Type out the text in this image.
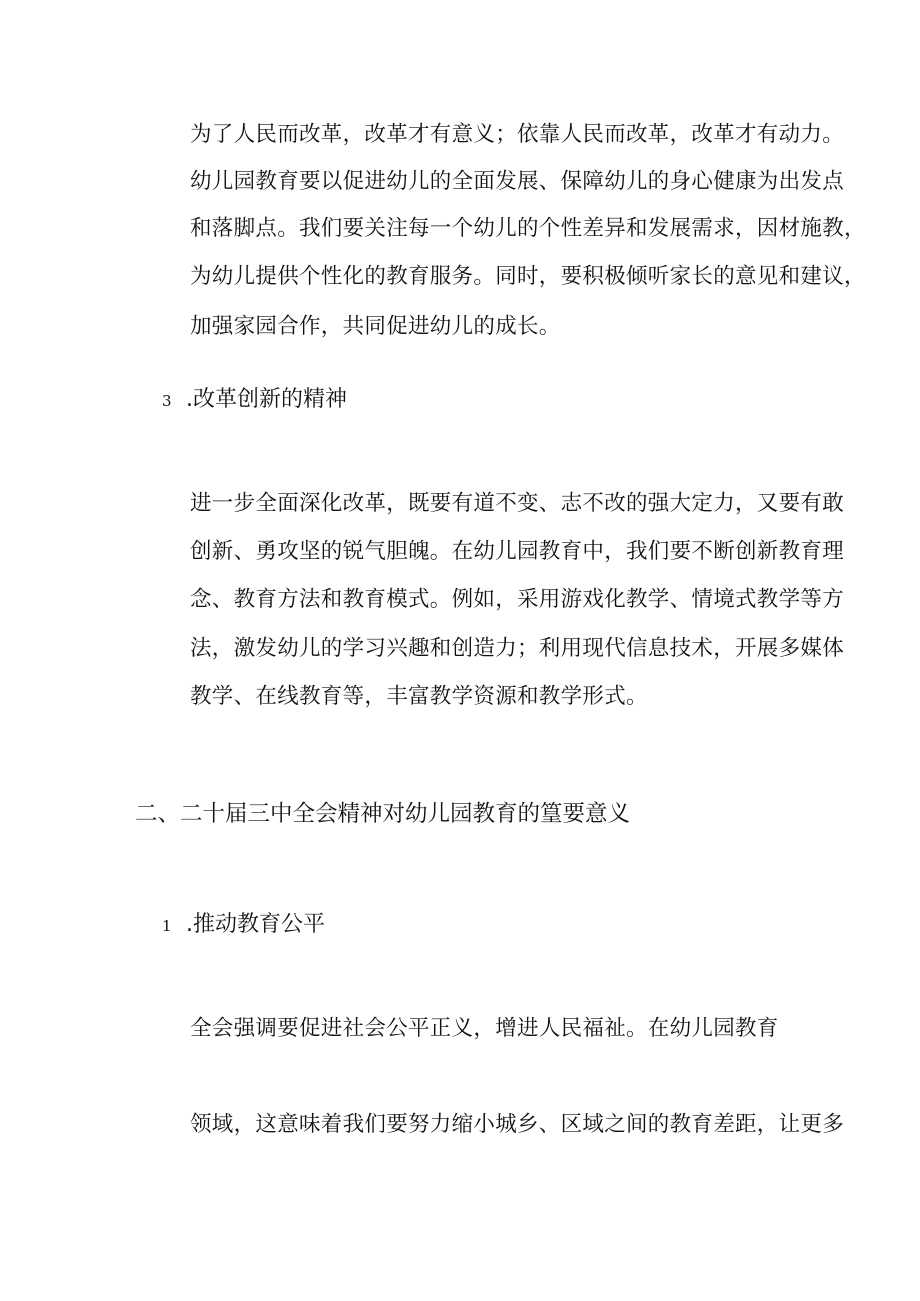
为了人民而改革，改革才有意义；依靠人民而改革，改革才有动力。
幼儿园教育要以促进幼儿的全面发展、保障幼儿的身心健康为出发点
和落脚点。我们要关注每一个幼儿的个性差异和发展需求，因材施教，
为幼儿提供个性化的教育服务。同时，要积极倾听家长的意见和建议，
加强家园合作，共同促进幼儿的成长。
3 .改革创新的精神
进一步全面深化改革，既要有道不变、志不改的强大定力，又要有敢
创新、勇攻坚的锐气胆魄。在幼儿园教育中，我们要不断创新教育理
念、教育方法和教育模式。例如，采用游戏化教学、情境式教学等方
法，激发幼儿的学习兴趣和创造力；利用现代信息技术，开展多媒体
教学、在线教育等，丰富教学资源和教学形式。
二、二十届三中全会精神对幼儿园教育的篁要意义
1 .推动教育公平
全会强调要促进社会公平正义，增进人民福祉。在幼儿园教育
领域，这意味着我们要努力缩小城乡、区域之间的教育差距，让更多
